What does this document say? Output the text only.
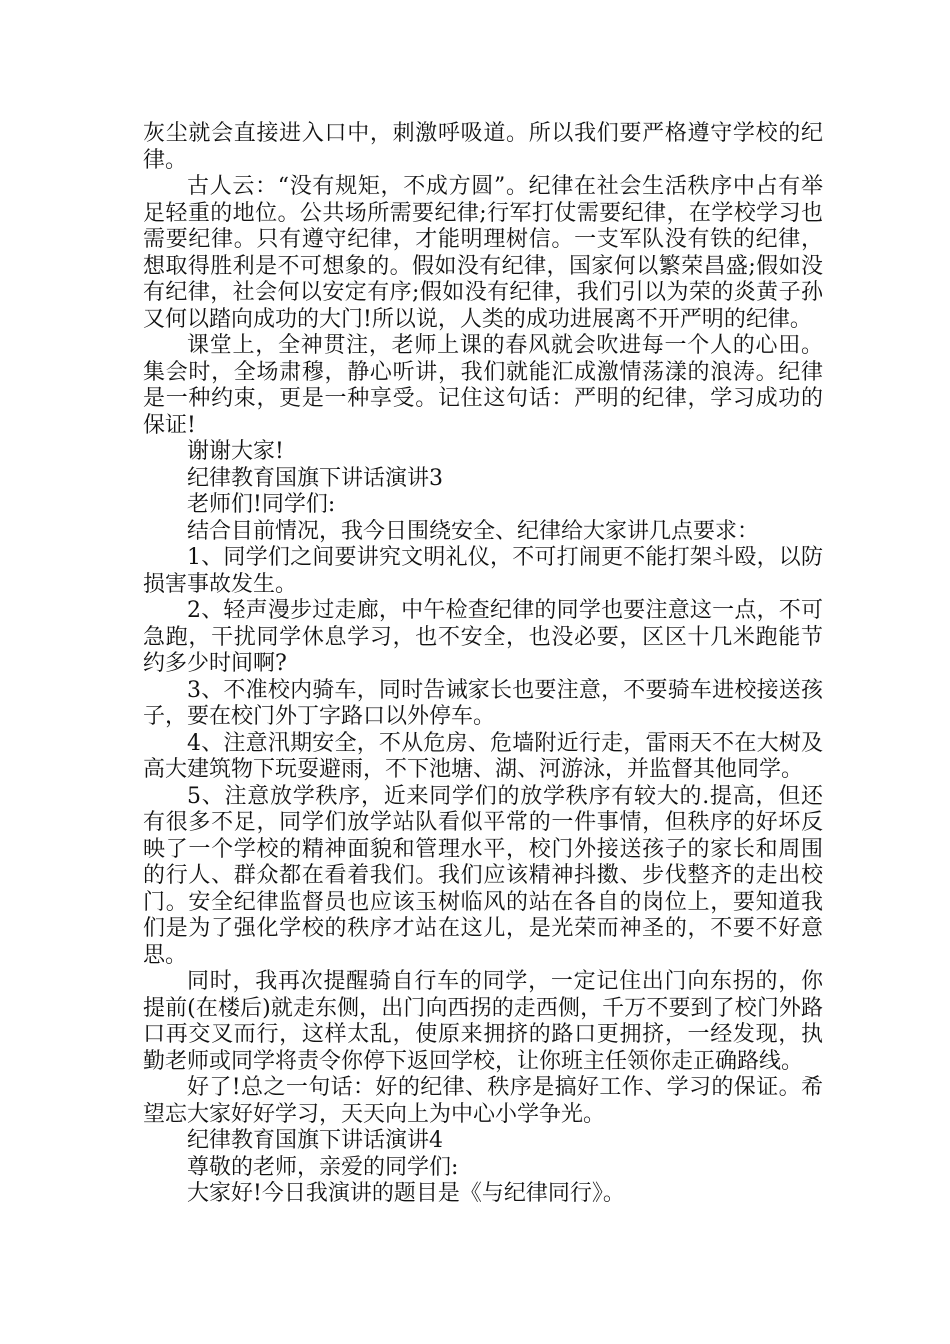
灰尘就会直接进入口中，刺激呼吸道。所以我们要严格遵守学校的纪律。

古人云：“没有规矩，不成方圆”。纪律在社会生活秩序中占有举足轻重的地位。公共场所需要纪律;行军打仗需要纪律，在学校学习也需要纪律。只有遵守纪律，才能明理树信。一支军队没有铁的纪律，想取得胜利是不可想象的。假如没有纪律，国家何以繁荣昌盛;假如没有纪律，社会何以安定有序;假如没有纪律，我们引以为荣的炎黄子孙又何以踏向成功的大门!所以说，人类的成功进展离不开严明的纪律。

课堂上，全神贯注，老师上课的春风就会吹进每一个人的心田。集会时，全场肃穆，静心听讲，我们就能汇成激情荡漾的浪涛。纪律是一种约束，更是一种享受。记住这句话：严明的纪律，学习成功的保证!

谢谢大家!

纪律教育国旗下讲话演讲3

老师们!同学们:

结合目前情况，我今日围绕安全、纪律给大家讲几点要求：

1、同学们之间要讲究文明礼仪，不可打闹更不能打架斗殴，以防损害事故发生。

2、轻声漫步过走廊，中午检查纪律的同学也要注意这一点，不可急跑，干扰同学休息学习，也不安全，也没必要，区区十几米跑能节约多少时间啊?

3、不准校内骑车，同时告诫家长也要注意，不要骑车进校接送孩子，要在校门外丁字路口以外停车。

4、注意汛期安全，不从危房、危墙附近行走，雷雨天不在大树及高大建筑物下玩耍避雨，不下池塘、湖、河游泳，并监督其他同学。

5、注意放学秩序，近来同学们的放学秩序有较大的.提高，但还有很多不足，同学们放学站队看似平常的一件事情，但秩序的好坏反映了一个学校的精神面貌和管理水平，校门外接送孩子的家长和周围的行人、群众都在看着我们。我们应该精神抖擞、步伐整齐的走出校门。安全纪律监督员也应该玉树临风的站在各自的岗位上，要知道我们是为了强化学校的秩序才站在这儿，是光荣而神圣的，不要不好意思。

同时，我再次提醒骑自行车的同学，一定记住出门向东拐的，你提前(在楼后)就走东侧，出门向西拐的走西侧，千万不要到了校门外路口再交叉而行，这样太乱，使原来拥挤的路口更拥挤，一经发现，执勤老师或同学将责令你停下返回学校，让你班主任领你走正确路线。

好了!总之一句话：好的纪律、秩序是搞好工作、学习的保证。希望忘大家好好学习，天天向上为中心小学争光。

纪律教育国旗下讲话演讲4

尊敬的老师，亲爱的同学们:

大家好!今日我演讲的题目是《与纪律同行》。
